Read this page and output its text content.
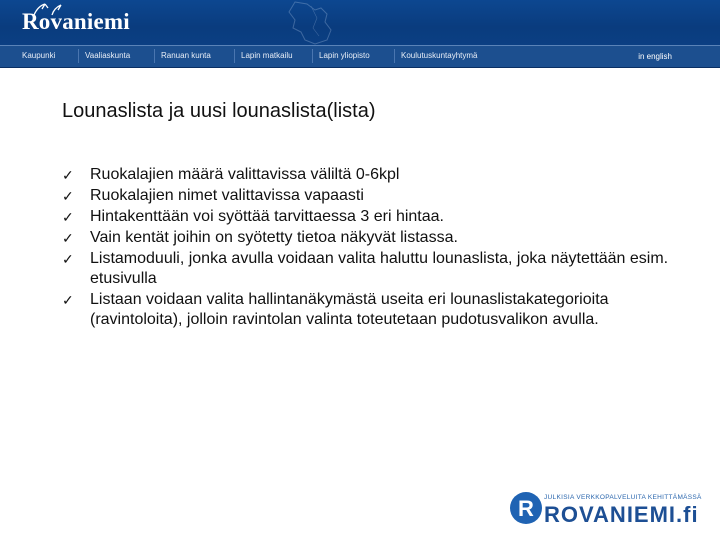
Rovaniemi
Kaupunki	Vaaliaskunta	Ranuan kunta	Lapin matkailu	Lapin yliopisto	Koulutuskuntayhtymä	in english
Lounaslista ja uusi lounaslista(lista)
✓ Ruokalajien määrä valittavissa väliltä 0-6kpl
✓ Ruokalajien nimet valittavissa vapaasti
✓ Hintakenttään voi syöttää tarvittaessa 3 eri hintaa.
✓ Vain kentät joihin on syötetty tietoa näkyvät listassa.
✓ Listamoduuli, jonka avulla voidaan valita haluttu lounaslista, joka näytettään esim. etusivulla
✓ Listaan voidaan valita hallintanäkymästä useita eri lounaslistakategorioita (ravintoloita), jolloin ravintolan valinta toteutetaan pudotusvalikon avulla.
R	JULKISIA VERKKOPALVELUITA KEHITTÄMÄSSÄ
ROVANIEMI.fi
